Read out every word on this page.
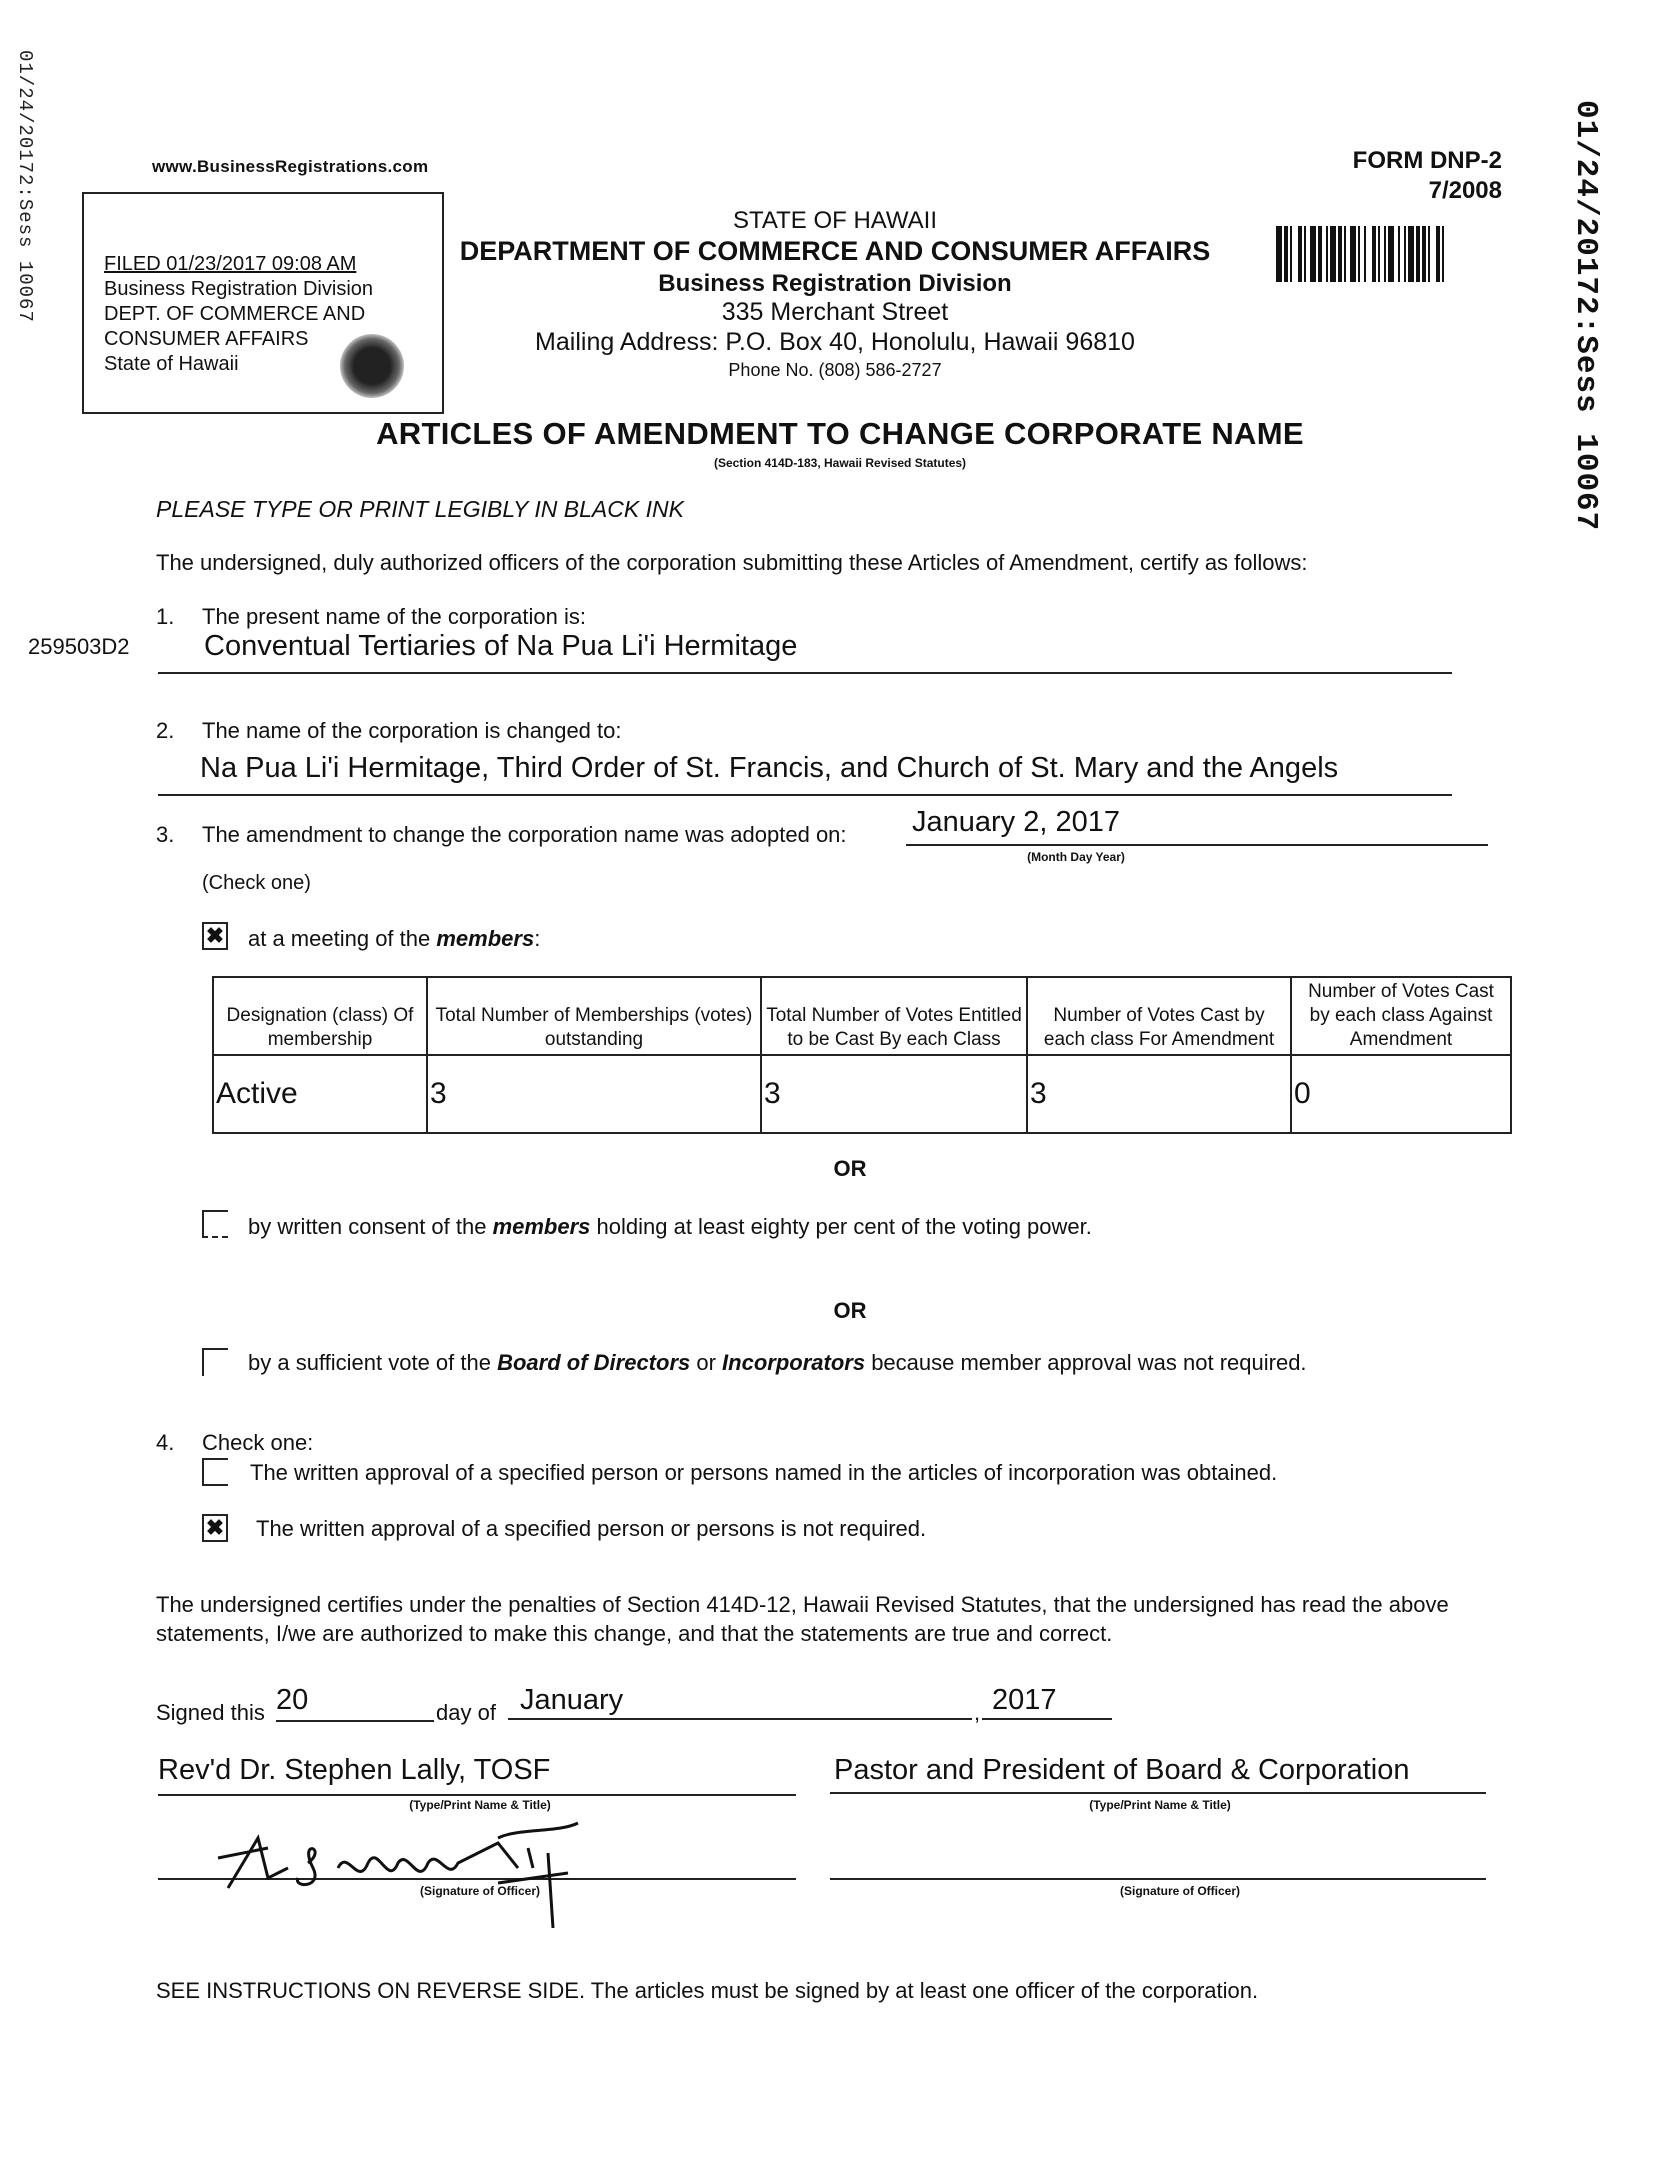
01/24/20172:Sess 10067	01/24/20172:Sess 10067
www.BusinessRegistrations.com	FORM DNP-2
7/2008
FILED 01/23/2017 09:08 AM
Business Registration Division
DEPT. OF COMMERCE AND
CONSUMER AFFAIRS
State of Hawaii
STATE OF HAWAII
DEPARTMENT OF COMMERCE AND CONSUMER AFFAIRS
Business Registration Division
335 Merchant Street
Mailing Address: P.O. Box 40, Honolulu, Hawaii 96810
Phone No. (808) 586-2727
ARTICLES OF AMENDMENT TO CHANGE CORPORATE NAME
(Section 414D-183, Hawaii Revised Statutes)
PLEASE TYPE OR PRINT LEGIBLY IN BLACK INK
The undersigned, duly authorized officers of the corporation submitting these Articles of Amendment, certify as follows:
1. The present name of the corporation is:
259503D2	Conventual Tertiaries of Na Pua Li'i Hermitage
2. The name of the corporation is changed to:
Na Pua Li'i Hermitage, Third Order of St. Francis, and Church of St. Mary and the Angels
3. The amendment to change the corporation name was adopted on: January 2, 2017
(Month Day Year)
(Check one)
✖ at a meeting of the members:
Designation (class) Of membership	Total Number of Memberships (votes) outstanding	Total Number of Votes Entitled to be Cast By each Class	Number of Votes Cast by each class For Amendment	Number of Votes Cast by each class Against Amendment
Active	3	3	3	0
OR
by written consent of the members holding at least eighty per cent of the voting power.
OR
by a sufficient vote of the Board of Directors or Incorporators because member approval was not required.
4. Check one:
The written approval of a specified person or persons named in the articles of incorporation was obtained.
✖ The written approval of a specified person or persons is not required.
The undersigned certifies under the penalties of Section 414D-12, Hawaii Revised Statutes, that the undersigned has read the above statements, I/we are authorized to make this change, and that the statements are true and correct.
Signed this 20	day of January	, 2017
Rev'd Dr. Stephen Lally, TOSF
(Type/Print Name & Title)
(Signature of Officer)
Pastor and President of Board & Corporation
(Type/Print Name & Title)
(Signature of Officer)
SEE INSTRUCTIONS ON REVERSE SIDE. The articles must be signed by at least one officer of the corporation.
